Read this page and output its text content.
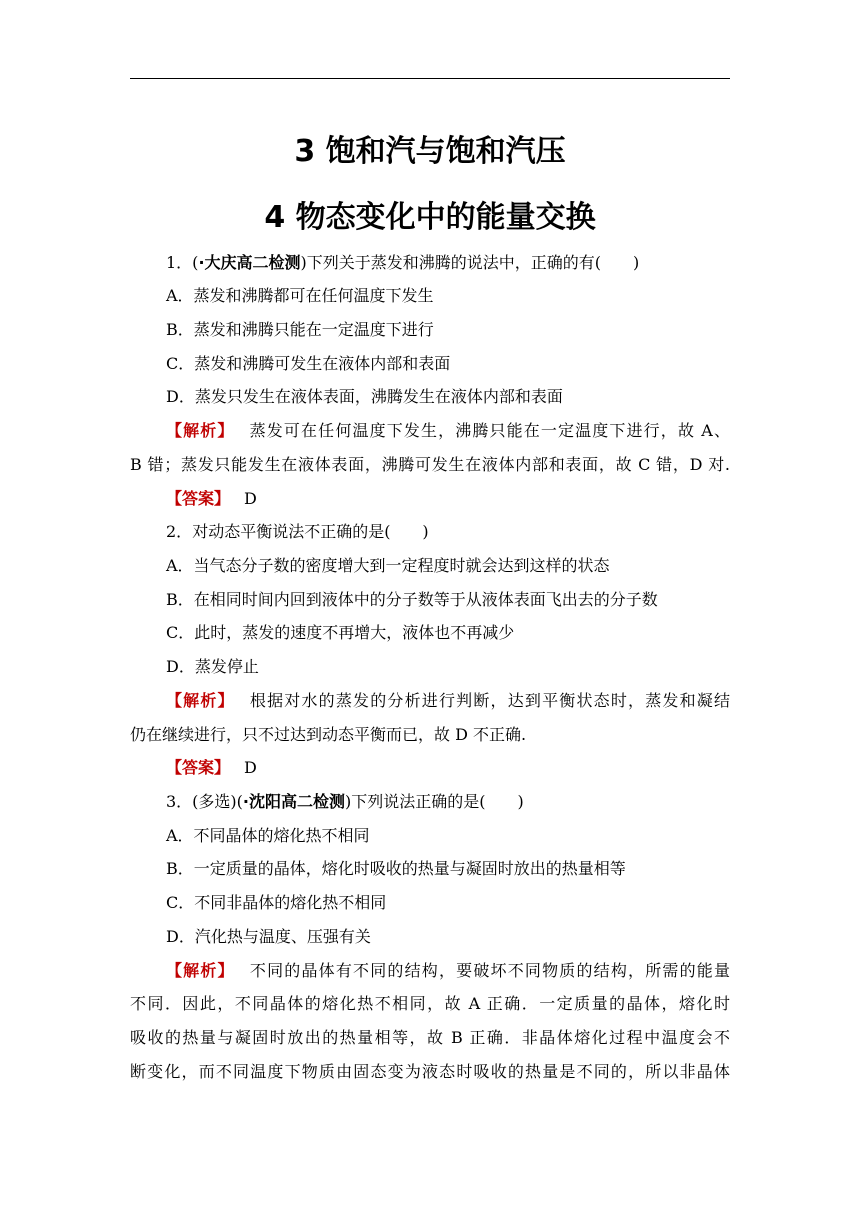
3 饱和汽与饱和汽压
4 物态变化中的能量交换
1．(·大庆高二检测)下列关于蒸发和沸腾的说法中，正确的有(　　)
A．蒸发和沸腾都可在任何温度下发生
B．蒸发和沸腾只能在一定温度下进行
C．蒸发和沸腾可发生在液体内部和表面
D．蒸发只发生在液体表面，沸腾发生在液体内部和表面
【解析】 蒸发可在任何温度下发生，沸腾只能在一定温度下进行，故 A、
B 错；蒸发只能发生在液体表面，沸腾可发生在液体内部和表面，故 C 错，D 对.
【答案】 D
2．对动态平衡说法不正确的是(　　)
A．当气态分子数的密度增大到一定程度时就会达到这样的状态
B．在相同时间内回到液体中的分子数等于从液体表面飞出去的分子数
C．此时，蒸发的速度不再增大，液体也不再减少
D．蒸发停止
【解析】 根据对水的蒸发的分析进行判断，达到平衡状态时，蒸发和凝结
仍在继续进行，只不过达到动态平衡而已，故 D 不正确.
【答案】 D
3．(多选)(·沈阳高二检测)下列说法正确的是(　　)
A．不同晶体的熔化热不相同
B．一定质量的晶体，熔化时吸收的热量与凝固时放出的热量相等
C．不同非晶体的熔化热不相同
D．汽化热与温度、压强有关
【解析】 不同的晶体有不同的结构，要破坏不同物质的结构，所需的能量
不同．因此，不同晶体的熔化热不相同，故 A 正确．一定质量的晶体，熔化时
吸收的热量与凝固时放出的热量相等，故 B 正确．非晶体熔化过程中温度会不
断变化，而不同温度下物质由固态变为液态时吸收的热量是不同的，所以非晶体
